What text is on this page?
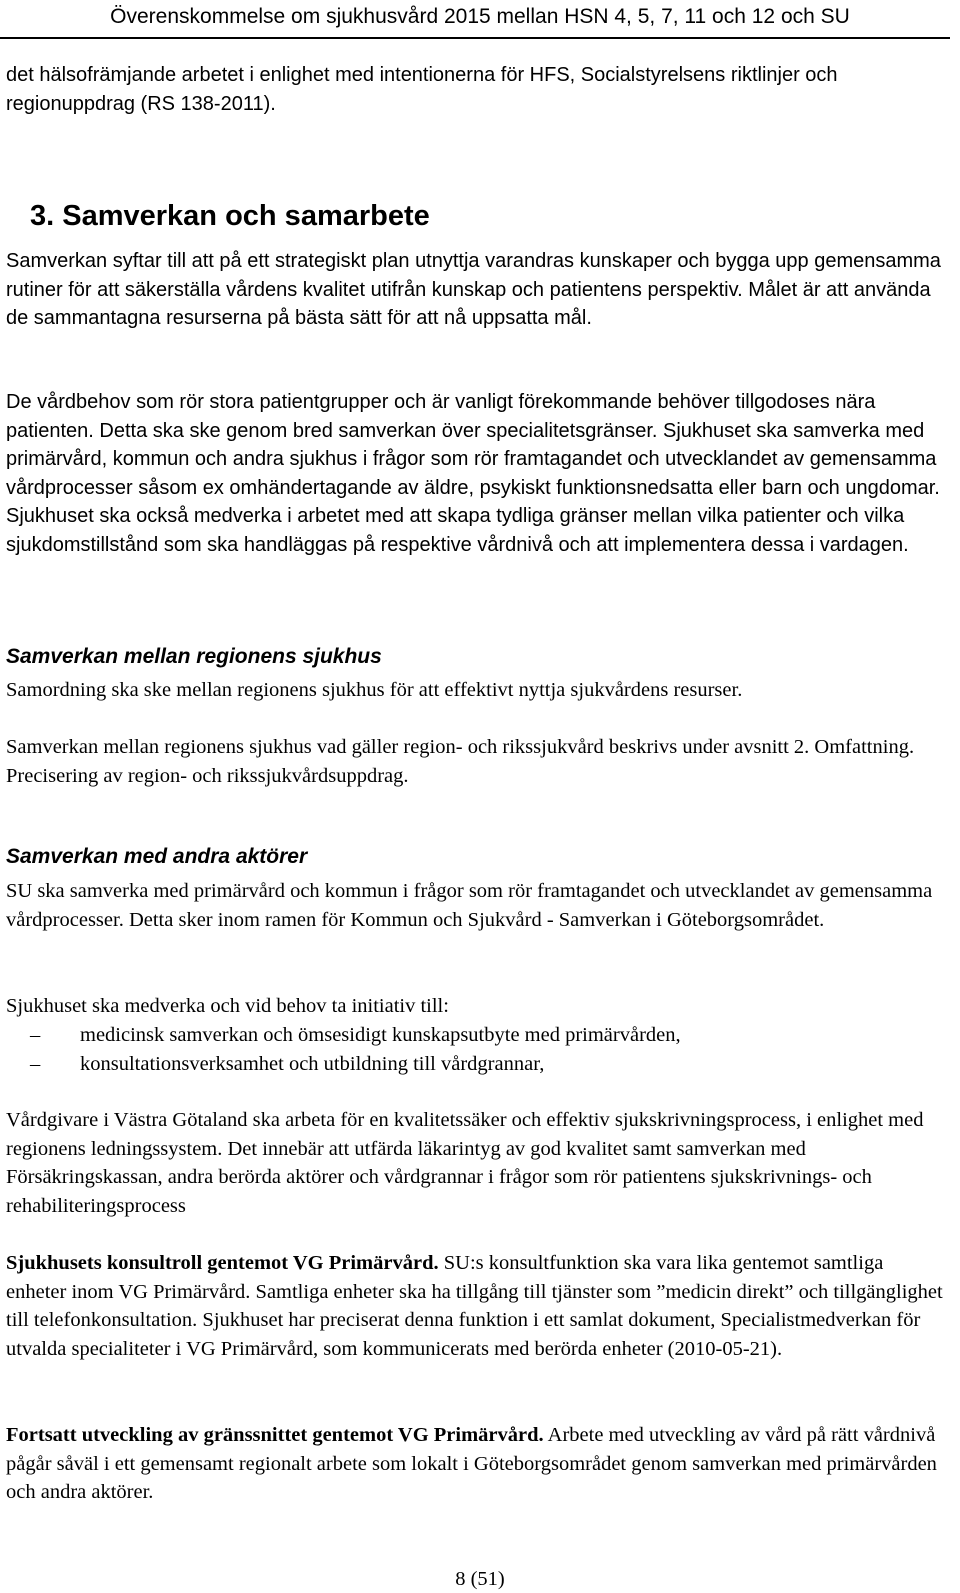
Överenskommelse om sjukhusvård 2015 mellan HSN 4, 5, 7, 11 och 12 och SU

det hälsofrämjande arbetet i enlighet med intentionerna för HFS, Socialstyrelsens riktlinjer och regionuppdrag (RS 138-2011).

3. Samverkan och samarbete

Samverkan syftar till att på ett strategiskt plan utnyttja varandras kunskaper och bygga upp gemensamma rutiner för att säkerställa vårdens kvalitet utifrån kunskap och patientens perspektiv. Målet är att använda de sammantagna resurserna på bästa sätt för att nå uppsatta mål.

De vårdbehov som rör stora patientgrupper och är vanligt förekommande behöver tillgodoses nära patienten. Detta ska ske genom bred samverkan över specialitetsgränser. Sjukhuset ska samverka med primärvård, kommun och andra sjukhus i frågor som rör framtagandet och utvecklandet av gemensamma vårdprocesser såsom ex omhändertagande av äldre, psykiskt funktionsnedsatta eller barn och ungdomar. Sjukhuset ska också medverka i arbetet med att skapa tydliga gränser mellan vilka patienter och vilka sjukdomstillstånd som ska handläggas på respektive vårdnivå och att implementera dessa i vardagen.

Samverkan mellan regionens sjukhus

Samordning ska ske mellan regionens sjukhus för att effektivt nyttja sjukvårdens resurser.

Samverkan mellan regionens sjukhus vad gäller region- och rikssjukvård beskrivs under avsnitt 2. Omfattning. Precisering av region- och rikssjukvårdsuppdrag.

Samverkan med andra aktörer

SU ska samverka med primärvård och kommun i frågor som rör framtagandet och utvecklandet av gemensamma vårdprocesser. Detta sker inom ramen för Kommun och Sjukvård - Samverkan i Göteborgsområdet.

Sjukhuset ska medverka och vid behov ta initiativ till:

– medicinsk samverkan och ömsesidigt kunskapsutbyte med primärvården,
– konsultationsverksamhet och utbildning till vårdgrannar,

Vårdgivare i Västra Götaland ska arbeta för en kvalitetssäker och effektiv sjukskrivningsprocess, i enlighet med regionens ledningssystem. Det innebär att utfärda läkarintyg av god kvalitet samt samverkan med Försäkringskassan, andra berörda aktörer och vårdgrannar i frågor som rör patientens sjukskrivnings- och rehabiliteringsprocess

Sjukhusets konsultroll gentemot VG Primärvård. SU:s konsultfunktion ska vara lika gentemot samtliga enheter inom VG Primärvård. Samtliga enheter ska ha tillgång till tjänster som ”medicin direkt” och tillgänglighet till telefonkonsultation. Sjukhuset har preciserat denna funktion i ett samlat dokument, Specialistmedverkan för utvalda specialiteter i VG Primärvård, som kommunicerats med berörda enheter (2010-05-21).

Fortsatt utveckling av gränssnittet gentemot VG Primärvård. Arbete med utveckling av vård på rätt vårdnivå pågår såväl i ett gemensamt regionalt arbete som lokalt i Göteborgsområdet genom samverkan med primärvården och andra aktörer.

8 (51)
